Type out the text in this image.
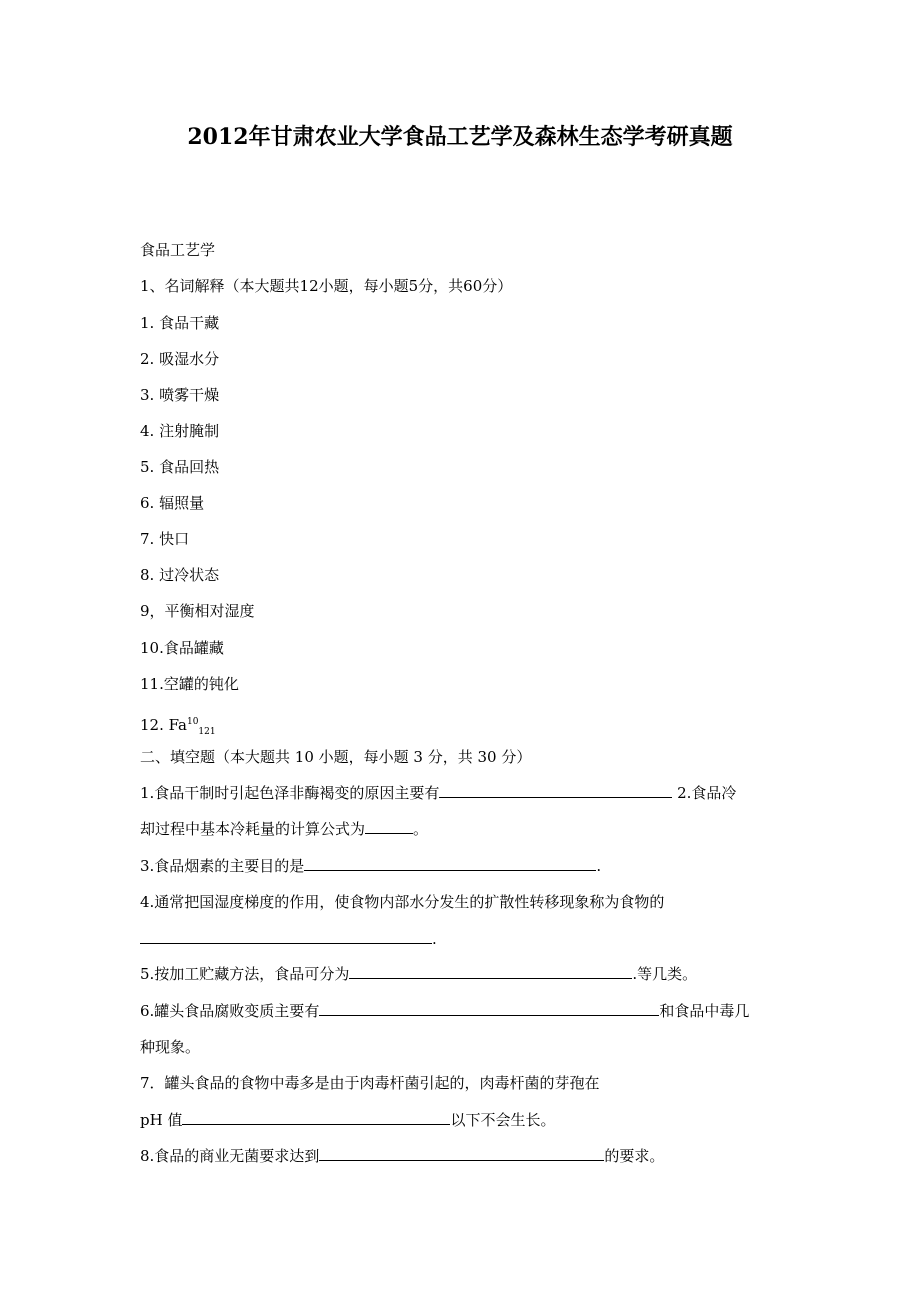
2012年甘肃农业大学食品工艺学及森林生态学考研真题
食品工艺学
1、名词解释（本大题共12小题，每小题5分，共60分）
1. 食品干藏
2. 吸湿水分
3. 喷雾干燥
4. 注射腌制
5. 食品回热
6. 辐照量
7. 快口
8. 过冷状态
9，平衡相对湿度
10.食品罐藏
11.空罐的钝化
12. $Fa^{10}_{121}$
二、填空题（本大题共 10 小题，每小题 3 分，共 30 分）
1.食品干制时引起色泽非酶褐变的原因主要有	2.食品冷
却过程中基本冷耗量的计算公式为	。
3.食品烟素的主要目的是	.
4.通常把国湿度梯度的作用，使食物内部水分发生的扩散性转移现象称为食物的
.
5.按加工贮藏方法，食品可分为	.等几类。
6.罐头食品腐败变质主要有	和食品中毒几
种现象。
7．罐头食品的食物中毒多是由于肉毒杆菌引起的，肉毒杆菌的芽孢在
pH 值	以下不会生长。
8.食品的商业无菌要求达到	的要求。
